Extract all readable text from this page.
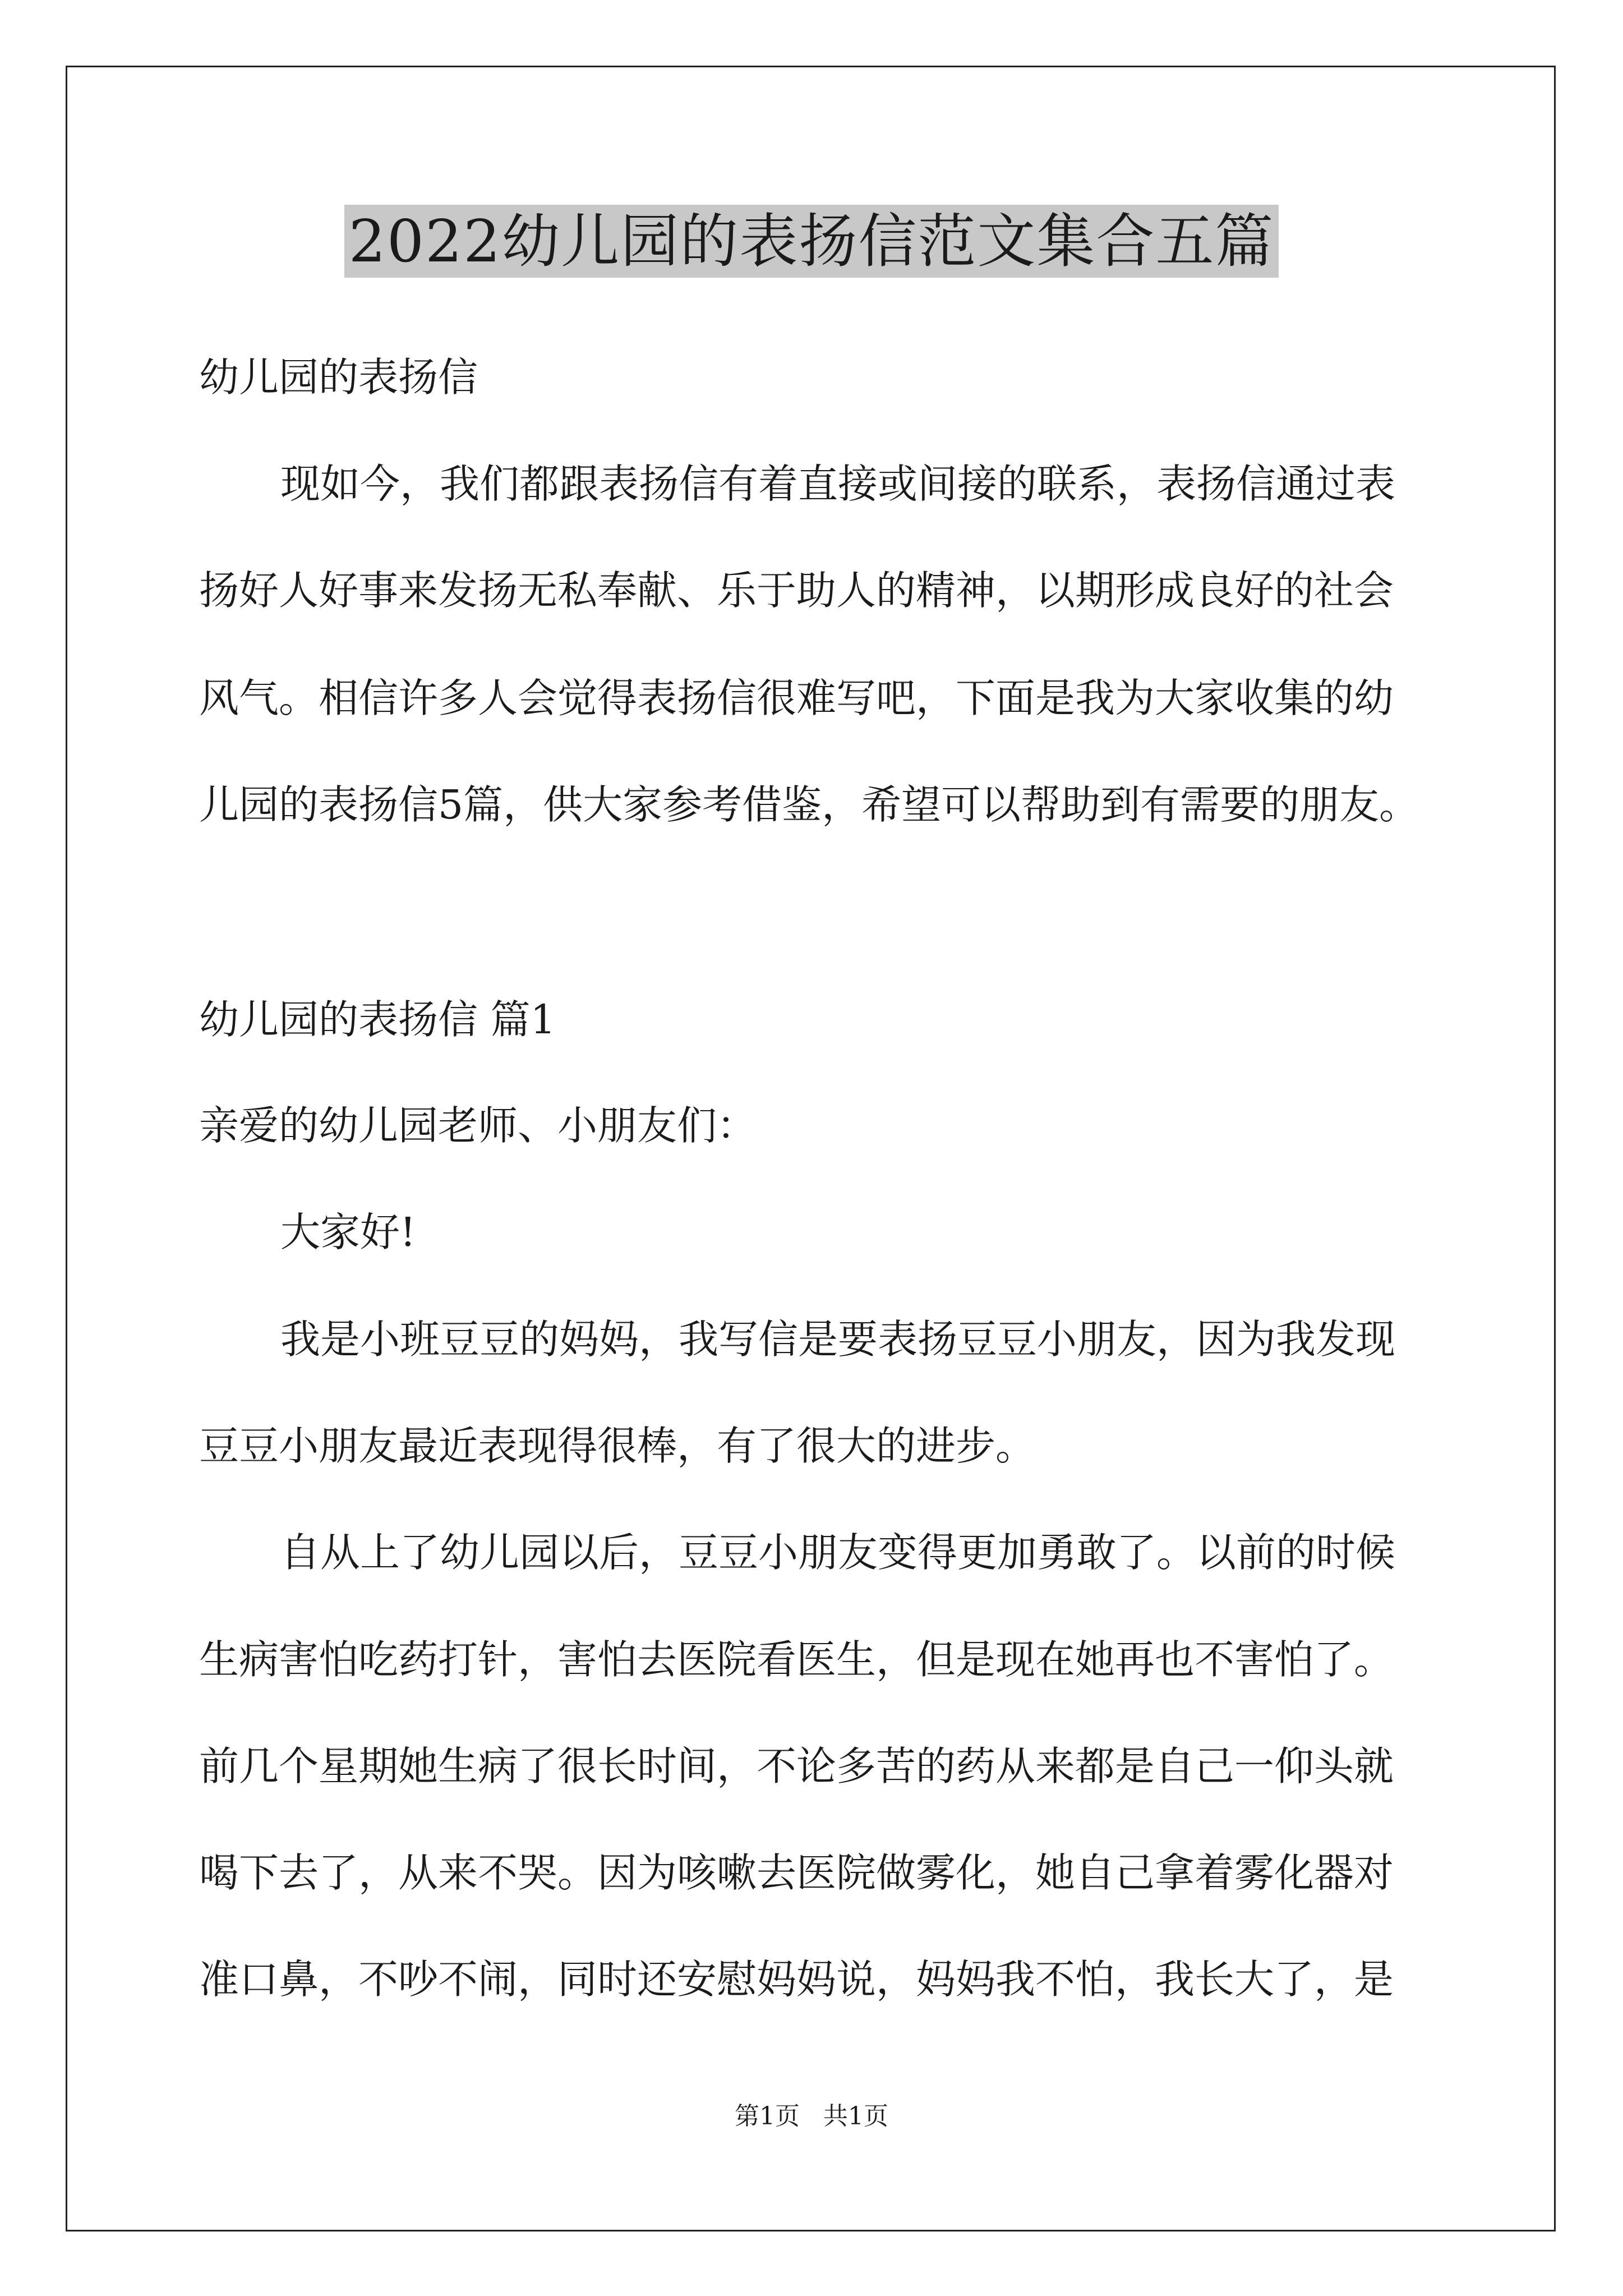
2022幼儿园的表扬信范文集合五篇

幼儿园的表扬信

现如今，我们都跟表扬信有着直接或间接的联系，表扬信通过表

扬好人好事来发扬无私奉献、乐于助人的精神，以期形成良好的社会

风气。相信许多人会觉得表扬信很难写吧，下面是我为大家收集的幼

儿园的表扬信5篇，供大家参考借鉴，希望可以帮助到有需要的朋友。

幼儿园的表扬信 篇1

亲爱的幼儿园老师、小朋友们：

大家好!

我是小班豆豆的妈妈，我写信是要表扬豆豆小朋友，因为我发现

豆豆小朋友最近表现得很棒，有了很大的进步。

自从上了幼儿园以后，豆豆小朋友变得更加勇敢了。以前的时候

生病害怕吃药打针，害怕去医院看医生，但是现在她再也不害怕了。

前几个星期她生病了很长时间，不论多苦的药从来都是自己一仰头就

喝下去了，从来不哭。因为咳嗽去医院做雾化，她自己拿着雾化器对

准口鼻，不吵不闹，同时还安慰妈妈说，妈妈我不怕，我长大了，是

第1页   共1页
